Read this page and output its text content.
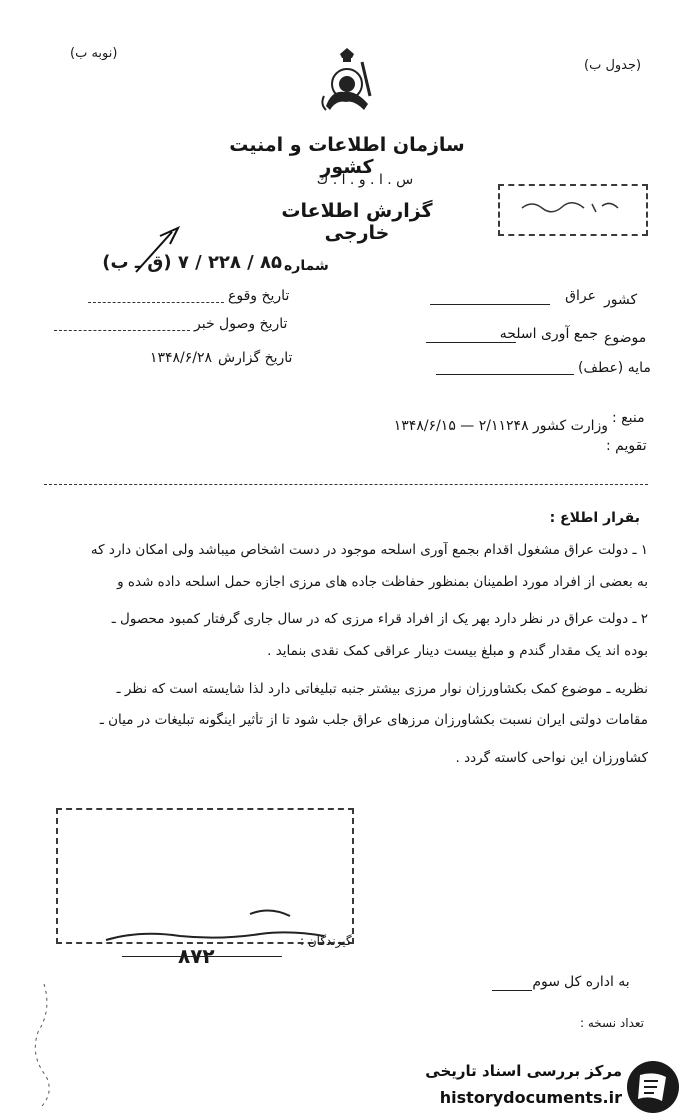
(نوبه ب)
(جدول ب)
سازمان اطلاعات و امنیت کشور
س . ا . و . ا . ك
گزارش اطلاعات خارجی
شماره
۸۵ / ۲۲۸ / ۷ (ق ـ ب)
تاریخ وقوع
تاریخ وصول خبر
تاریخ گزارش
۱۳۴۸/۶/۲۸
کشور
عراق
موضوع
جمع آوری اسلحه
مایه (عطف)
منبع :
وزارت کشور ۲/۱۱۲۴۸ — ۱۳۴۸/۶/۱۵
تقویم :
بقرار اطلاع :
۱ ـ دولت عراق مشغول اقدام بجمع آوری اسلحه موجود در دست اشخاص میباشد ولی امکان دارد که
به بعضی از افراد مورد اطمینان بمنظور حفاظت جاده های مرزی اجازه حمل اسلحه داده شده و
۲ ـ دولت عراق در نظر دارد بهر یک از افراد قراء مرزی که در سال جاری گرفتار کمبود محصول ـ
بوده اند یک مقدار گندم و مبلغ بیست دینار عراقی کمک نقدی بنماید .
نظریه ـ موضوع کمک بکشاورزان نوار مرزی بیشتر جنبه تبلیغاتی دارد لذا شایسته است که نظر ـ
مقامات دولتی ایران نسبت بکشاورزان مرزهای عراق جلب شود تا از تأثیر اینگونه تبلیغات در میان ـ
کشاورزان این نواحی کاسته گردد .
۸۷۲
گیرندگان :
به اداره کل
سوم
تعداد نسخه :
مرکز بررسی اسناد تاریخی
historydocuments.ir
